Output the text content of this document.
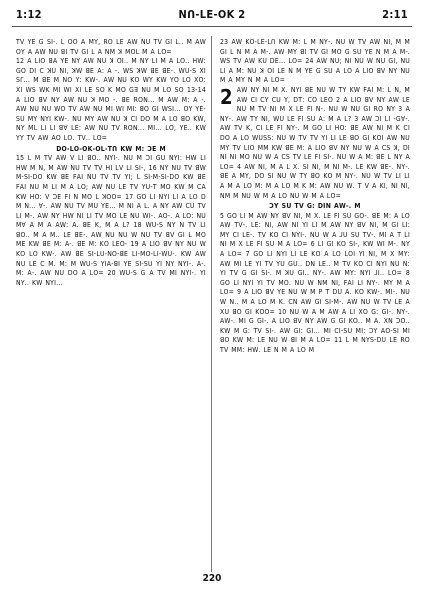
1:12	ꓠꓵ-ꓡꓰ-ꓳꓗ 2	2:11

ꓔꓦ ꓬꓰ ꓖ ꓢꓲ-. ꓡ ꓳꓳ ꓮ ꓟꓬ, ꓣꓳ ꓡꓰ ꓮꓪ ꓠꓴ ꓔꓦ ꓖꓲ ꓡ.. ꓟ ꓮꓪ ꓳꓬ ꓮ ꓮꓪ ꓠꓴ ꓭꓲ ꓔꓦ ꓖꓲ ꓡ ꓮ ꓠꓟ ꓘ ꓟꓳꓡ ꓟ ꓮ ꓡꓳ=

12 ꓮ ꓡꓲꓳ ꓭꓮ ꓬꓰ ꓠꓬ ꓮꓪ ꓠꓴ ꓘ ꓳꓲ.. ꓟ ꓠꓬ ꓡꓲ ꓟ ꓮ ꓡꓳ.. ꓧꓪ: ꓖꓳ ꓓꓲ ꓚ ꓘꓴ ꓠꓲ, ꓘꓪ ꓭꓰ ꓮ: ꓮ -. ꓪꓢ ꓘꓪ ꓭꓰ ꓭꓰ-. ꓪꓴ-ꓢ ꓫꓲ ꓢꓩ... ꓟ ꓭꓰ ꓟ ꓠꓳ ꓬ: ꓗꓪ-. ꓮꓪ ꓠꓴ ꓗꓳ ꓪꓬ ꓗꓪ ꓬꓳ ꓡꓳ ꓫꓳ: ꓫꓲ ꓪꓢ ꓪꓗ ꓟꓲ ꓪꓲ ꓫꓲ ꓡꓰ ꓢꓳ ꓗ ꓟꓳ ꓖꓱ ꓠꓴ ꓟ ꓡꓳ ꓢꓳ 13-14 ꓮ ꓡꓲꓳ ꓭꓦ ꓠꓬ ꓮꓪ ꓠꓴ ꓘ ꓟꓳ -. ꓭꓰ ꓣꓳꓠ... ꓟ ꓮꓪ ꓟ: ꓮ -. ꓮꓪ ꓠꓴ ꓠꓴ ꓪꓳ ꓔꓦ ꓮꓪ ꓠꓴ ꓟꓲ ꓪꓲ ꓟꓲ: ꓭꓳ ꓖꓲ ꓪꓢꓲ... ꓳꓬ ꓬꓰ-ꓢꓴ ꓟꓬ ꓠꓬꓲ ꓗꓪ-. ꓠꓴ ꓟꓬ ꓮꓪ ꓠꓴ ꓘ ꓚꓲ ꓓꓳ ꓟ ꓮ ꓡꓳ ꓭꓳ ꓗꓪ, ꓠꓬ ꓟꓡ ꓡꓲ ꓡꓲ ꓭꓯ ꓡꓰ: ꓮꓪ ꓠꓴ ꓔꓦ ꓣꓳꓠ... ꓟꓲ... ꓡꓳ, ꓬꓰ.. ꓗꓪ ꓬꓬ ꓔꓦ ꓮꓪ ꓮꓳ ꓡꓳ. ꓔꓦ.. ꓡꓳ=

ꓓꓳ-ꓡꓳ-ꓳꓗ-ꓳꓡ-ꓔꓵ ꓗꓪ ꓟ: ꓛꓰ ꓟ

15 ꓡ ꓟ ꓔꓦ ꓮꓪ ꓦ ꓡꓲ ꓭꓳ.. ꓠꓬꓲ-. ꓠꓴ ꓟ ꓛꓲ ꓖꓴ ꓠꓬꓲ: ꓧꓪ ꓡꓲ ꓧꓪ ꓟ ꓠ, ꓟ ꓮꓪ ꓠꓴ ꓔꓦ ꓔꓦ ꓧꓲ ꓡꓦ ꓡꓲ ꓢꓲ-, 16 ꓠꓬ ꓠꓴ ꓔꓦ ꓭꓪ ꓟ-ꓢꓲ-ꓓꓳ ꓗꓪ ꓭꓰ ꓝꓮꓲ ꓠꓴ ꓔꓦ ꓔꓦ ꓬꓲ; ꓡ ꓢꓲ-ꓟ-ꓢꓲ-ꓓꓳ ꓗꓪ ꓭꓰ ꓝꓮꓲ ꓠꓴ ꓟ ꓡꓲ ꓟ ꓮ ꓡꓳ; ꓮꓪ ꓠꓴ ꓡꓰ ꓔꓦ ꓬꓴ-ꓔ ꓟꓳ ꓗꓪ ꓟ ꓚꓮ ꓗꓪ ꓧꓳ: ꓦ ꓛꓰ ꓝꓲ ꓠ ꓟꓳ ꓡ ꓘꓳꓳ= 17 ꓖꓳ ꓡꓲ ꓠꓬꓲ ꓡꓲ ꓮ ꓡꓳ ꓓ ꓟ ꓠ... ꓯ-. ꓮꓪ ꓠꓴ ꓔꓦ ꓟꓴ ꓬꓰ... ꓟ ꓠꓲ ꓮ ꓡ. ꓮ ꓠꓬ ꓮꓪ ꓚꓴ ꓔꓦ ꓡꓲ ꓟ-. ꓮꓪ ꓠꓬ ꓧꓪ ꓠꓲ ꓡꓲ ꓔꓦ ꓟꓳ ꓡꓰ ꓠꓴ ꓪꓲ-. ꓮꓳ-. ꓮ ꓡꓳ: ꓠꓴ ꓟꓯ ꓮ ꓟ ꓮ ꓮꓪ: ꓮ. ꓭꓰ ꓗ, ꓟ ꓮ ꓡ? 18 ꓪꓴ-ꓢ ꓠꓬ ꓠ ꓔꓦ ꓡꓲ ꓭꓳ.. ꓟ ꓮ ꓟ.. ꓡꓰ ꓭꓰ-. ꓮꓪ ꓠꓴ ꓠꓴ ꓪ ꓠꓴ ꓔꓦ ꓭꓦ ꓖꓲ ꓡ ꓟꓳ ꓟꓰ ꓗꓪ ꓭꓰ ꓟ: ꓮ-. ꓭꓰ ꓟ: ꓗꓳ ꓡꓰꓳ- 19 ꓮ ꓡꓲꓳ ꓭꓦ ꓠꓬ ꓠꓴ ꓪ ꓗꓳ ꓡꓳ ꓗꓪ-. ꓮꓪ ꓭꓰ ꓢꓲ-ꓡꓴ-ꓠꓳ-ꓭꓰ ꓡꓲ-ꓟꓳ-ꓡꓲ-ꓪꓴ-. ꓗꓪ ꓮꓪ ꓠꓴ ꓡꓰ ꓚ ꓟ. ꓟ: ꓟ ꓪꓴ-ꓢ ꓬꓲꓮ-ꓭꓲ ꓬꓰ ꓢꓲ-ꓢꓴ ꓬꓲ ꓠꓬ ꓠꓬꓲ-. ꓮ-. ꓟ: ꓮ-. ꓮꓪ ꓠꓴ ꓓꓳ ꓮ ꓡꓳ= 20 ꓪꓴ-ꓢ ꓖ ꓮ ꓔꓦ ꓟꓲ ꓠꓬꓲ-. ꓬꓲ ꓠꓬ.. ꓗꓪ ꓠꓬꓲ...

23 ꓮꓪ ꓗꓳ-ꓡꓰ-ꓡꓵ ꓗꓪ ꓟ: ꓡ ꓟ ꓠꓬ-. ꓠꓴ ꓪ ꓔꓦ ꓮꓪ ꓠꓲ, ꓟ ꓟ ꓖꓲ ꓡ ꓠ ꓟ ꓮ ꓟ-. ꓮꓪ ꓟꓬ ꓭꓲ ꓔꓦ ꓖꓲ ꓟꓳ ꓖ ꓢꓴ ꓬꓰ ꓠ ꓟ ꓮ ꓟ-. ꓪꓢ ꓔꓦ ꓮꓪ ꓗꓴ ꓓꓰ... ꓡꓳ= 24 ꓮꓪ ꓠꓴ; ꓠꓲ ꓠꓴ ꓪ ꓠꓴ ꓖꓲ, ꓠꓴ ꓡꓲ ꓮ ꓟ: ꓠꓴ ꓘ ꓳꓲ ꓡꓰ ꓠ ꓟ ꓬꓰ ꓖ ꓢꓴ ꓮ ꓡꓳ ꓮ ꓡꓲꓳ ꓭꓦ ꓠꓬ ꓠꓴ ꓟ ꓮ ꓟꓬ ꓠ ꓟ ꓮ ꓡꓳ=

2 ꓮꓪ ꓠꓬ ꓠꓲ ꓟ ꓫ. ꓠꓬꓲ ꓭꓰ ꓠꓴ ꓪ ꓔꓬ ꓗꓪ ꓝꓮꓲ ꓟ: ꓡ ꓠ, ꓟ ꓮꓪ ꓚꓲ ꓚꓬ ꓚꓴ ꓬ, ꓓꓔ: ꓚꓳ ꓡꓰꓳ 2 ꓮ ꓡꓲꓳ ꓭꓦ ꓠꓬ ꓮꓪ ꓡꓰ ꓠꓴ ꓟ ꓔꓦ ꓠꓲ ꓟ ꓫ ꓡꓰ ꓝꓲ ꓠ-. ꓠꓴ ꓪ ꓠꓴ ꓖꓲ ꓣꓳ ꓠꓬ 3 ꓮ ꓠꓬ-. ꓮꓪ ꓔꓬ ꓠꓲ, ꓪꓴ ꓡꓰ ꓝꓲ ꓢꓴ ꓮ: ꓟ ꓮ ꓡ? 3 ꓮꓪ ꓛꓲ ꓡꓲ -ꓖꓯ-. ꓮꓪ ꓔꓦ ꓗ, ꓚꓲ ꓡꓰ ꓝꓲ ꓠꓬ-. ꓟ ꓖꓳ ꓡꓲ ꓧꓳ: ꓭꓰ ꓮꓪ ꓠꓲ ꓟ ꓗ ꓚꓲ ꓓꓳ ꓮ ꓡꓳ ꓪꓴꓢꓢ: ꓠꓴ ꓪ ꓔꓦ ꓔꓦ ꓬꓲ ꓡꓲ ꓡꓰ ꓭꓳ ꓖꓲ ꓗꓳꓲ ꓮꓪ ꓠꓴ ꓟꓬ ꓔꓦ ꓡꓲꓳ ꓟꓟ ꓗꓪ ꓭꓰ ꓟ: ꓮ ꓡꓲꓳ ꓭꓦ ꓠꓬ ꓠꓴ ꓪ ꓮ ꓚꓢ ꓘ, ꓓꓲ ꓠꓲ ꓠꓲ ꓟꓳ ꓠꓴ ꓪ ꓮ ꓚꓢ ꓔꓦ ꓡꓰ ꓝꓲ ꓢꓲ-. ꓠꓴ ꓪ ꓮ ꓟ: ꓭꓰ ꓡ ꓠꓬ ꓮ ꓡꓳ= 4 ꓮꓪ ꓠꓲ, ꓟ ꓮ ꓡ ꓫ. ꓢꓲ ꓠꓲ, ꓟ ꓠꓲ ꓟ-. ꓡꓰ ꓗꓪ ꓭꓰ-. ꓠꓬ-. ꓭꓰ ꓮ ꓟꓬ, ꓓꓳ ꓢꓲ ꓠꓴ ꓪ ꓔꓬ ꓭꓳ ꓗꓳ ꓟ ꓠꓬ-. ꓠꓴ ꓪ ꓔꓦ ꓡꓲ ꓡꓲ ꓮ ꓟ ꓮ ꓡꓳ ꓟ: ꓟ ꓮ ꓡꓳ ꓟ ꓗ ꓟ: ꓮꓪ ꓠꓴ ꓪ. ꓔ ꓦ ꓮ ꓗꓲ, ꓠꓲ ꓠꓲ, ꓠꓟ ꓟ ꓠꓴ ꓪ ꓟ ꓮ ꓡꓳ ꓠꓴ ꓪ ꓟ ꓮ ꓡꓳ=

ꓛꓬ ꓢꓴ ꓔꓦ ꓖ: ꓓꓲꓠ ꓮꓪ-. ꓟ

5 ꓖꓳ ꓡꓲ ꓟ ꓮꓪ ꓠꓬ ꓭꓦ ꓠꓲ, ꓟ ꓫ. ꓡꓰ ꓝꓲ ꓢꓴ ꓖꓳ-. ꓭꓰ ꓟ: ꓮ ꓡꓳ ꓮꓪ ꓔꓦ-. ꓡꓰ: ꓠꓲ, ꓮꓪ ꓠꓲ ꓬꓲ ꓡꓲ ꓟ ꓮꓪ ꓠꓬ ꓭꓦ ꓠꓲ, ꓟ ꓖꓲ ꓡꓲ: ꓟꓬ ꓚꓲ ꓡꓰ-. ꓔꓦ ꓗꓳ ꓚꓲ ꓠꓬꓲ-. ꓠꓴ ꓪ ꓮ ꓙꓴ ꓢꓴ ꓔꓦ-. ꓟꓲ ꓮ ꓔ ꓡꓲ ꓠꓲ ꓟ ꓫ ꓡꓰ ꓝꓲ ꓢꓴ ꓟ ꓮ ꓡꓳ= 6 ꓡꓲ ꓖꓲ ꓗꓳ ꓢꓲ-, ꓗꓪ ꓪꓲ ꓟ-. ꓠꓬ ꓮ ꓡꓳ= 7 ꓖꓳ ꓡꓲ ꓠꓬꓲ ꓡꓲ ꓡꓰ ꓗꓳ ꓮ ꓡꓳ ꓡꓳꓲ ꓬꓲ ꓠꓲ, ꓟ ꓫ ꓟꓬ: ꓮꓪ ꓟꓲ ꓡꓰ ꓬꓲ ꓔꓦ ꓬꓴ ꓖꓴ.. ꓓꓠ ꓡꓰ.. ꓟ ꓔꓦ ꓗꓳ ꓚꓲ ꓠꓬꓲ ꓠꓴ ꓠ: ꓬꓲ ꓔꓦ ꓖ ꓖꓲ ꓢꓲ-. ꓟ ꓘꓴ ꓖꓲ.. ꓠꓬ-. ꓮꓪ ꓟꓬ: ꓠꓬꓲ ꓙꓲ.. ꓡꓳ= 8 ꓖꓳ ꓡꓲ ꓠꓬꓲ ꓬꓲ ꓔꓦ ꓟꓳ. ꓠꓴ ꓪ ꓠꓟ ꓠꓲ, ꓝꓮꓲ ꓡꓲ ꓠꓬ-. ꓟꓬ ꓟ ꓮ ꓡꓳ= 9 ꓮ ꓡꓲꓳ ꓭꓦ ꓬꓰ ꓠꓴ ꓪ ꓟ ꓑ ꓔ ꓓꓴ ꓮ. ꓗꓳ ꓗꓪ-. ꓟꓲ-. ꓠꓴ ꓪ ꓠ.. ꓟ ꓮ ꓡꓳ ꓟ ꓗ. ꓚꓠ ꓮꓪ ꓖꓲ ꓢꓲ-ꓟ-. ꓮꓪ ꓠꓴ ꓪ ꓔꓦ ꓡꓰ ꓮ ꓫꓴ ꓭꓳ ꓖꓲ ꓗꓳꓳ= 10 ꓠꓴ ꓪ ꓮ ꓟ ꓮꓪ ꓮ ꓡꓲ ꓫꓳ ꓖ: ꓖꓲ-. ꓠꓬ-. ꓮꓪ-. ꓟꓲ ꓖ ꓖꓲ-. ꓮ ꓡꓲꓳ ꓭꓦ ꓠꓬ ꓮꓪ ꓖ ꓖꓲ ꓗꓳ.. ꓟ ꓮ. ꓫꓠ ꓛꓳ.. ꓗꓪ ꓟ ꓖ: ꓔꓦ ꓢꓲ-. ꓮꓪ ꓖꓲ: ꓖꓲ... ꓟꓲ ꓚꓲ-ꓢꓴ ꓟꓲ: ꓛꓬ ꓮꓳ-ꓢꓲ ꓟꓲ ꓭꓳ ꓗꓪ ꓟ: ꓡꓰ ꓠꓴ ꓪ ꓭꓲ ꓟ ꓮ ꓡꓳ= 11 ꓡ ꓟ ꓠꓬꓢ-ꓓꓴ ꓡꓰ ꓣꓳ ꓔꓦ ꓟꓟ: ꓧꓪ. ꓡꓰ ꓠ ꓟ ꓮ ꓡꓳ ꓟ

220
